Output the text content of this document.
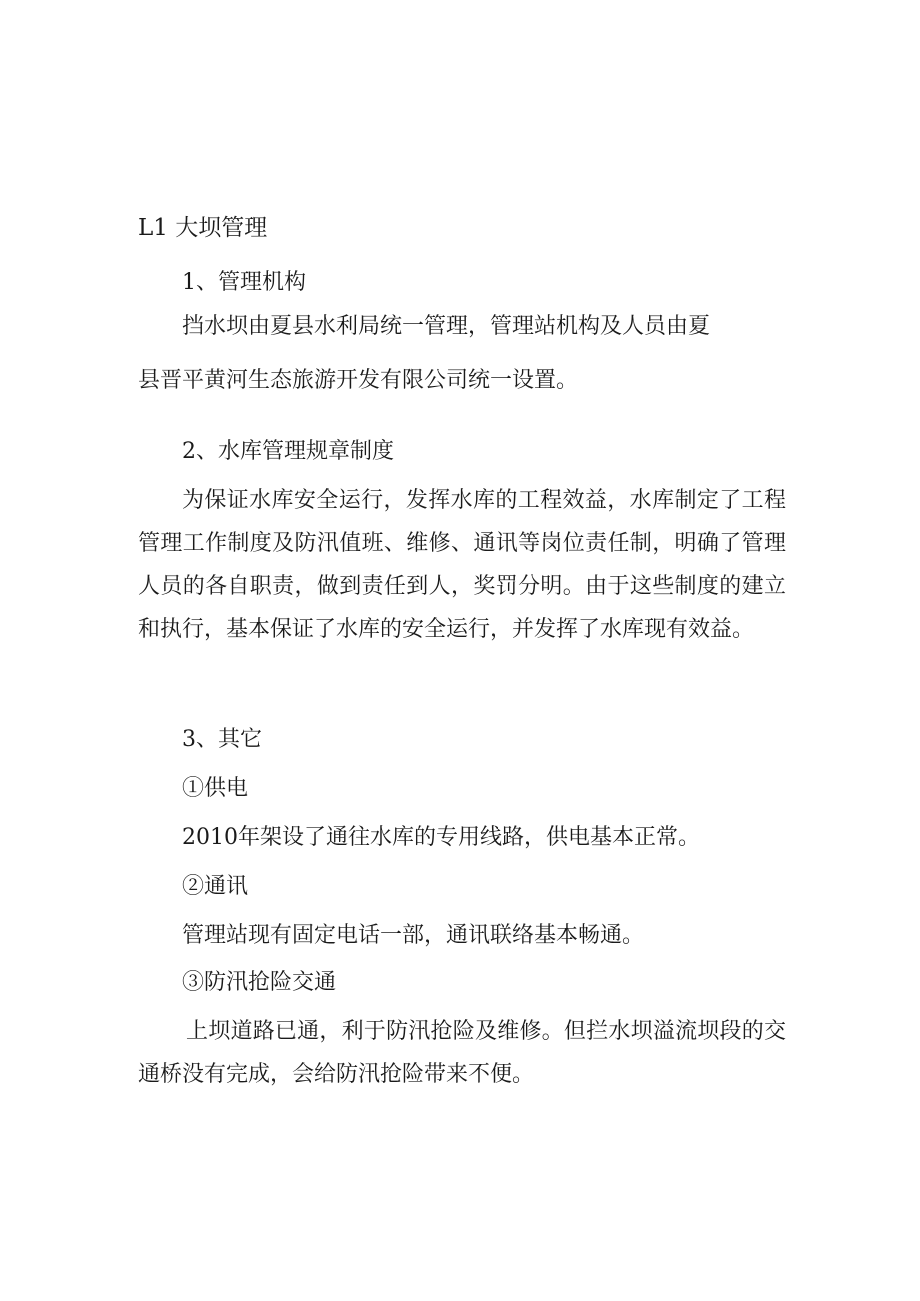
L1 大坝管理
1、管理机构
挡水坝由夏县水利局统一管理，管理站机构及人员由夏
县晋平黄河生态旅游开发有限公司统一设置。
2、水库管理规章制度
为保证水库安全运行，发挥水库的工程效益，水库制定了工程管理工作制度及防汛值班、维修、通讯等岗位责任制，明确了管理人员的各自职责，做到责任到人，奖罚分明。由于这些制度的建立和执行，基本保证了水库的安全运行，并发挥了水库现有效益。
3、其它
①供电
2010年架设了通往水库的专用线路，供电基本正常。
②通讯
管理站现有固定电话一部，通讯联络基本畅通。
③防汛抢险交通
上坝道路已通，利于防汛抢险及维修。但拦水坝溢流坝段的交通桥没有完成，会给防汛抢险带来不便。
